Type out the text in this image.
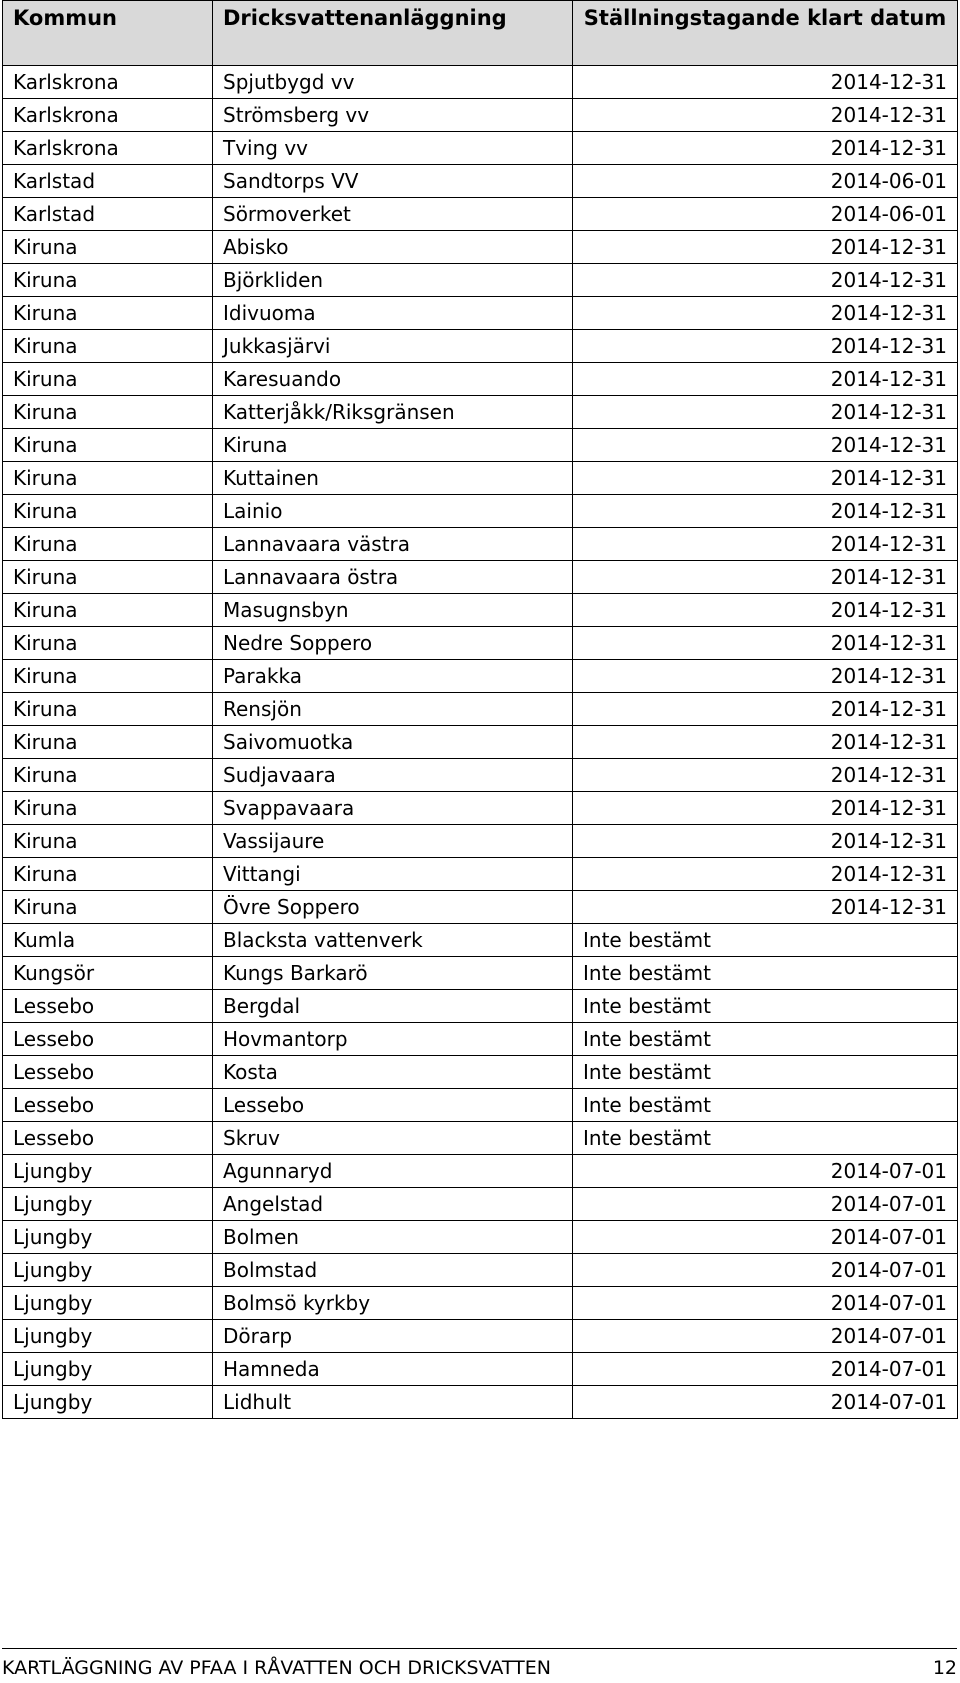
Kommun	Dricksvattenanläggning	Ställningstagande klart datum
Karlskrona	Spjutbygd vv	2014-12-31
Karlskrona	Strömsberg vv	2014-12-31
Karlskrona	Tving vv	2014-12-31
Karlstad	Sandtorps VV	2014-06-01
Karlstad	Sörmoverket	2014-06-01
Kiruna	Abisko	2014-12-31
Kiruna	Björkliden	2014-12-31
Kiruna	Idivuoma	2014-12-31
Kiruna	Jukkasjärvi	2014-12-31
Kiruna	Karesuando	2014-12-31
Kiruna	Katterjåkk/Riksgränsen	2014-12-31
Kiruna	Kiruna	2014-12-31
Kiruna	Kuttainen	2014-12-31
Kiruna	Lainio	2014-12-31
Kiruna	Lannavaara västra	2014-12-31
Kiruna	Lannavaara östra	2014-12-31
Kiruna	Masugnsbyn	2014-12-31
Kiruna	Nedre Soppero	2014-12-31
Kiruna	Parakka	2014-12-31
Kiruna	Rensjön	2014-12-31
Kiruna	Saivomuotka	2014-12-31
Kiruna	Sudjavaara	2014-12-31
Kiruna	Svappavaara	2014-12-31
Kiruna	Vassijaure	2014-12-31
Kiruna	Vittangi	2014-12-31
Kiruna	Övre Soppero	2014-12-31
Kumla	Blacksta vattenverk	Inte bestämt
Kungsör	Kungs Barkarö	Inte bestämt
Lessebo	Bergdal	Inte bestämt
Lessebo	Hovmantorp	Inte bestämt
Lessebo	Kosta	Inte bestämt
Lessebo	Lessebo	Inte bestämt
Lessebo	Skruv	Inte bestämt
Ljungby	Agunnaryd	2014-07-01
Ljungby	Angelstad	2014-07-01
Ljungby	Bolmen	2014-07-01
Ljungby	Bolmstad	2014-07-01
Ljungby	Bolmsö kyrkby	2014-07-01
Ljungby	Dörarp	2014-07-01
Ljungby	Hamneda	2014-07-01
Ljungby	Lidhult	2014-07-01
KARTLÄGGNING AV PFAA I RÅVATTEN OCH DRICKSVATTEN	12
